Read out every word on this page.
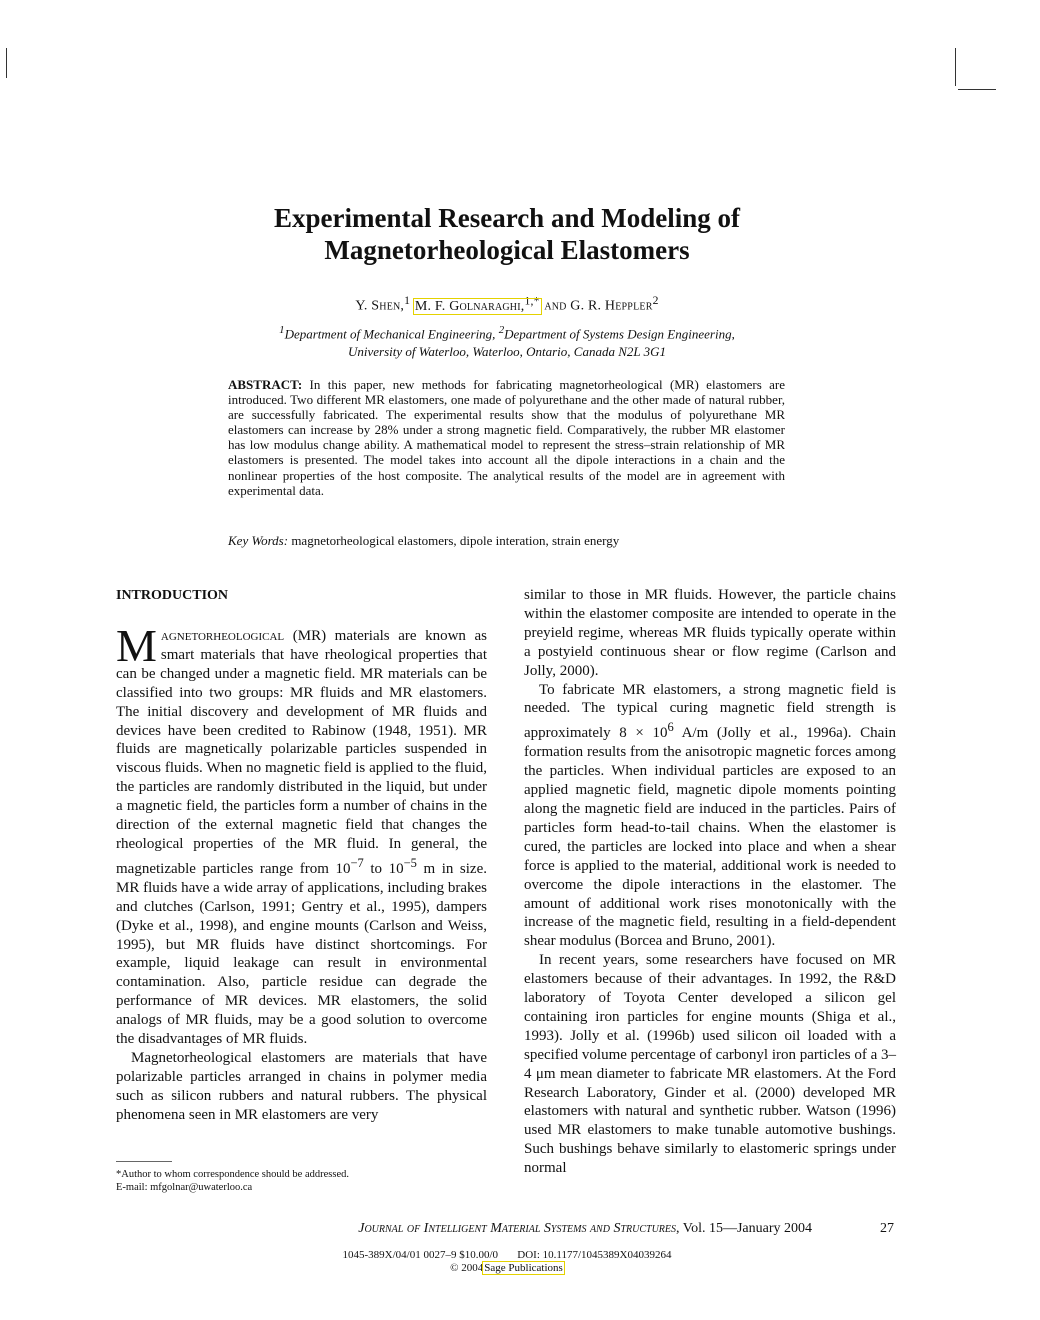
Experimental Research and Modeling of
Magnetorheological Elastomers
Y. Shen,$^1$ M. F. Golnaraghi,$^{1,*}$ and G. R. Heppler$^2$
$^1$Department of Mechanical Engineering, $^2$Department of Systems Design Engineering,
University of Waterloo, Waterloo, Ontario, Canada N2L 3G1
ABSTRACT: In this paper, new methods for fabricating magnetorheological (MR) elastomers are introduced. Two different MR elastomers, one made of polyurethane and the other made of natural rubber, are successfully fabricated. The experimental results show that the modulus of polyurethane MR elastomers can increase by 28% under a strong magnetic field. Comparatively, the rubber MR elastomer has low modulus change ability. A mathematical model to represent the stress–strain relationship of MR elastomers is presented. The model takes into account all the dipole interactions in a chain and the nonlinear properties of the host composite. The analytical results of the model are in agreement with experimental data.
Key Words: magnetorheological elastomers, dipole interation, strain energy
INTRODUCTION

M agnetorheological (MR) materials are known as smart materials that have rheological properties that can be changed under a magnetic field. MR materials can be classified into two groups: MR fluids and MR elastomers. The initial discovery and development of MR fluids and devices have been credited to Rabinow (1948, 1951). MR fluids are magnetically polarizable particles suspended in viscous fluids. When no magnetic field is applied to the fluid, the particles are randomly distributed in the liquid, but under a magnetic field, the particles form a number of chains in the direction of the external magnetic field that changes the rheological properties of the MR fluid. In general, the magnetizable particles range from $10^{-7}$ to $10^{-5}$ m in size. MR fluids have a wide array of applications, including brakes and clutches (Carlson, 1991; Gentry et al., 1995), dampers (Dyke et al., 1998), and engine mounts (Carlson and Weiss, 1995), but MR fluids have distinct shortcomings. For example, liquid leakage can result in environmental contamination. Also, particle residue can degrade the performance of MR devices. MR elastomers, the solid analogs of MR fluids, may be a good solution to overcome the disadvantages of MR fluids.

Magnetorheological elastomers are materials that have polarizable particles arranged in chains in polymer media such as silicon rubbers and natural rubbers. The physical phenomena seen in MR elastomers are very

similar to those in MR fluids. However, the particle chains within the elastomer composite are intended to operate in the preyield regime, whereas MR fluids typically operate within a postyield continuous shear or flow regime (Carlson and Jolly, 2000).

To fabricate MR elastomers, a strong magnetic field is needed. The typical curing magnetic field strength is approximately $8 \times 10^6$ A/m (Jolly et al., 1996a). Chain formation results from the anisotropic magnetic forces among the particles. When individual particles are exposed to an applied magnetic field, magnetic dipole moments pointing along the magnetic field are induced in the particles. Pairs of particles form head-to-tail chains. When the elastomer is cured, the particles are locked into place and when a shear force is applied to the material, additional work is needed to overcome the dipole interactions in the elastomer. The amount of additional work rises monotonically with the increase of the magnetic field, resulting in a field-dependent shear modulus (Borcea and Bruno, 2001).

In recent years, some researchers have focused on MR elastomers because of their advantages. In 1992, the R&D laboratory of Toyota Center developed a silicon gel containing iron particles for engine mounts (Shiga et al., 1993). Jolly et al. (1996b) used silicon oil loaded with a specified volume percentage of carbonyl iron particles of a 3–4 μm mean diameter to fabricate MR elastomers. At the Ford Research Laboratory, Ginder et al. (2000) developed MR elastomers with natural and synthetic rubber. Watson (1996) used MR elastomers to make tunable automotive bushings. Such bushings behave similarly to elastomeric springs under normal

*Author to whom correspondence should be addressed.
E-mail: mfgolnar@uwaterloo.ca
Journal of Intelligent Material Systems and Structures, Vol. 15—January 2004	27
1045-389X/04/01 0027–9 $10.00/0 DOI: 10.1177/1045389X04039264
© 2004Sage Publications
